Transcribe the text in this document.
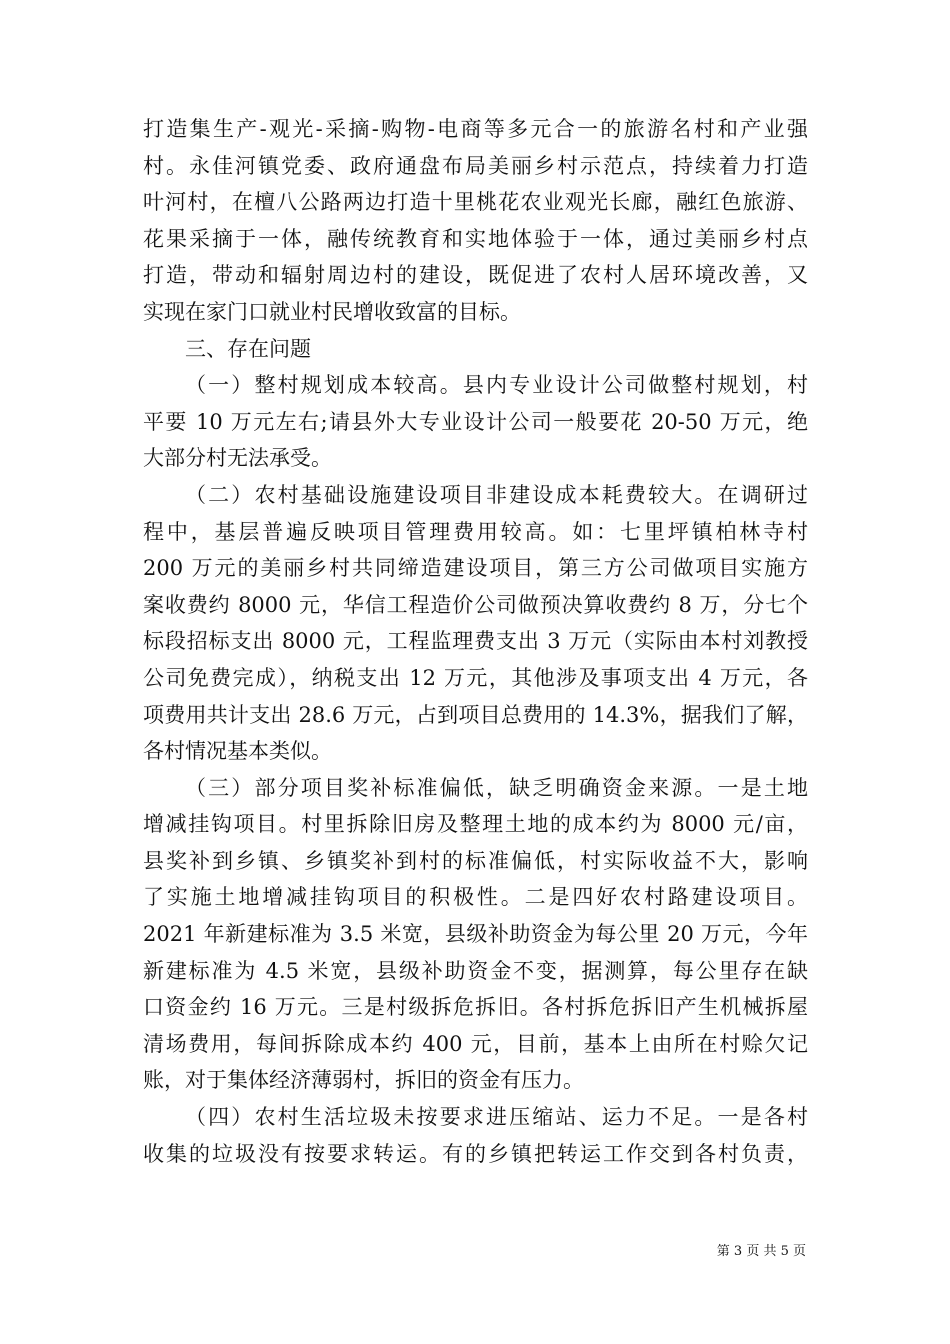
打造集生产-观光-采摘-购物-电商等多元合一的旅游名村和产业强
村。永佳河镇党委、政府通盘布局美丽乡村示范点，持续着力打造
叶河村，在檀八公路两边打造十里桃花农业观光长廊，融红色旅游、
花果采摘于一体，融传统教育和实地体验于一体，通过美丽乡村点
打造，带动和辐射周边村的建设，既促进了农村人居环境改善，又
实现在家门口就业村民增收致富的目标。
三、存在问题
（一）整村规划成本较高。县内专业设计公司做整村规划，村
平要 10 万元左右;请县外大专业设计公司一般要花 20-50 万元，绝
大部分村无法承受。
（二）农村基础设施建设项目非建设成本耗费较大。在调研过
程中，基层普遍反映项目管理费用较高。如：七里坪镇柏林寺村
200 万元的美丽乡村共同缔造建设项目，第三方公司做项目实施方
案收费约 8000 元，华信工程造价公司做预决算收费约 8 万，分七个
标段招标支出 8000 元，工程监理费支出 3 万元（实际由本村刘教授
公司免费完成），纳税支出 12 万元，其他涉及事项支出 4 万元，各
项费用共计支出 28.6 万元，占到项目总费用的 14.3%，据我们了解，
各村情况基本类似。
（三）部分项目奖补标准偏低，缺乏明确资金来源。一是土地
增减挂钩项目。村里拆除旧房及整理土地的成本约为 8000 元/亩，
县奖补到乡镇、乡镇奖补到村的标准偏低，村实际收益不大，影响
了实施土地增减挂钩项目的积极性。二是四好农村路建设项目。
2021 年新建标准为 3.5 米宽，县级补助资金为每公里 20 万元，今年
新建标准为 4.5 米宽，县级补助资金不变，据测算，每公里存在缺
口资金约 16 万元。三是村级拆危拆旧。各村拆危拆旧产生机械拆屋
清场费用，每间拆除成本约 400 元，目前，基本上由所在村赊欠记
账，对于集体经济薄弱村，拆旧的资金有压力。
（四）农村生活垃圾未按要求进压缩站、运力不足。一是各村
收集的垃圾没有按要求转运。有的乡镇把转运工作交到各村负责，
第 3 页 共 5 页
